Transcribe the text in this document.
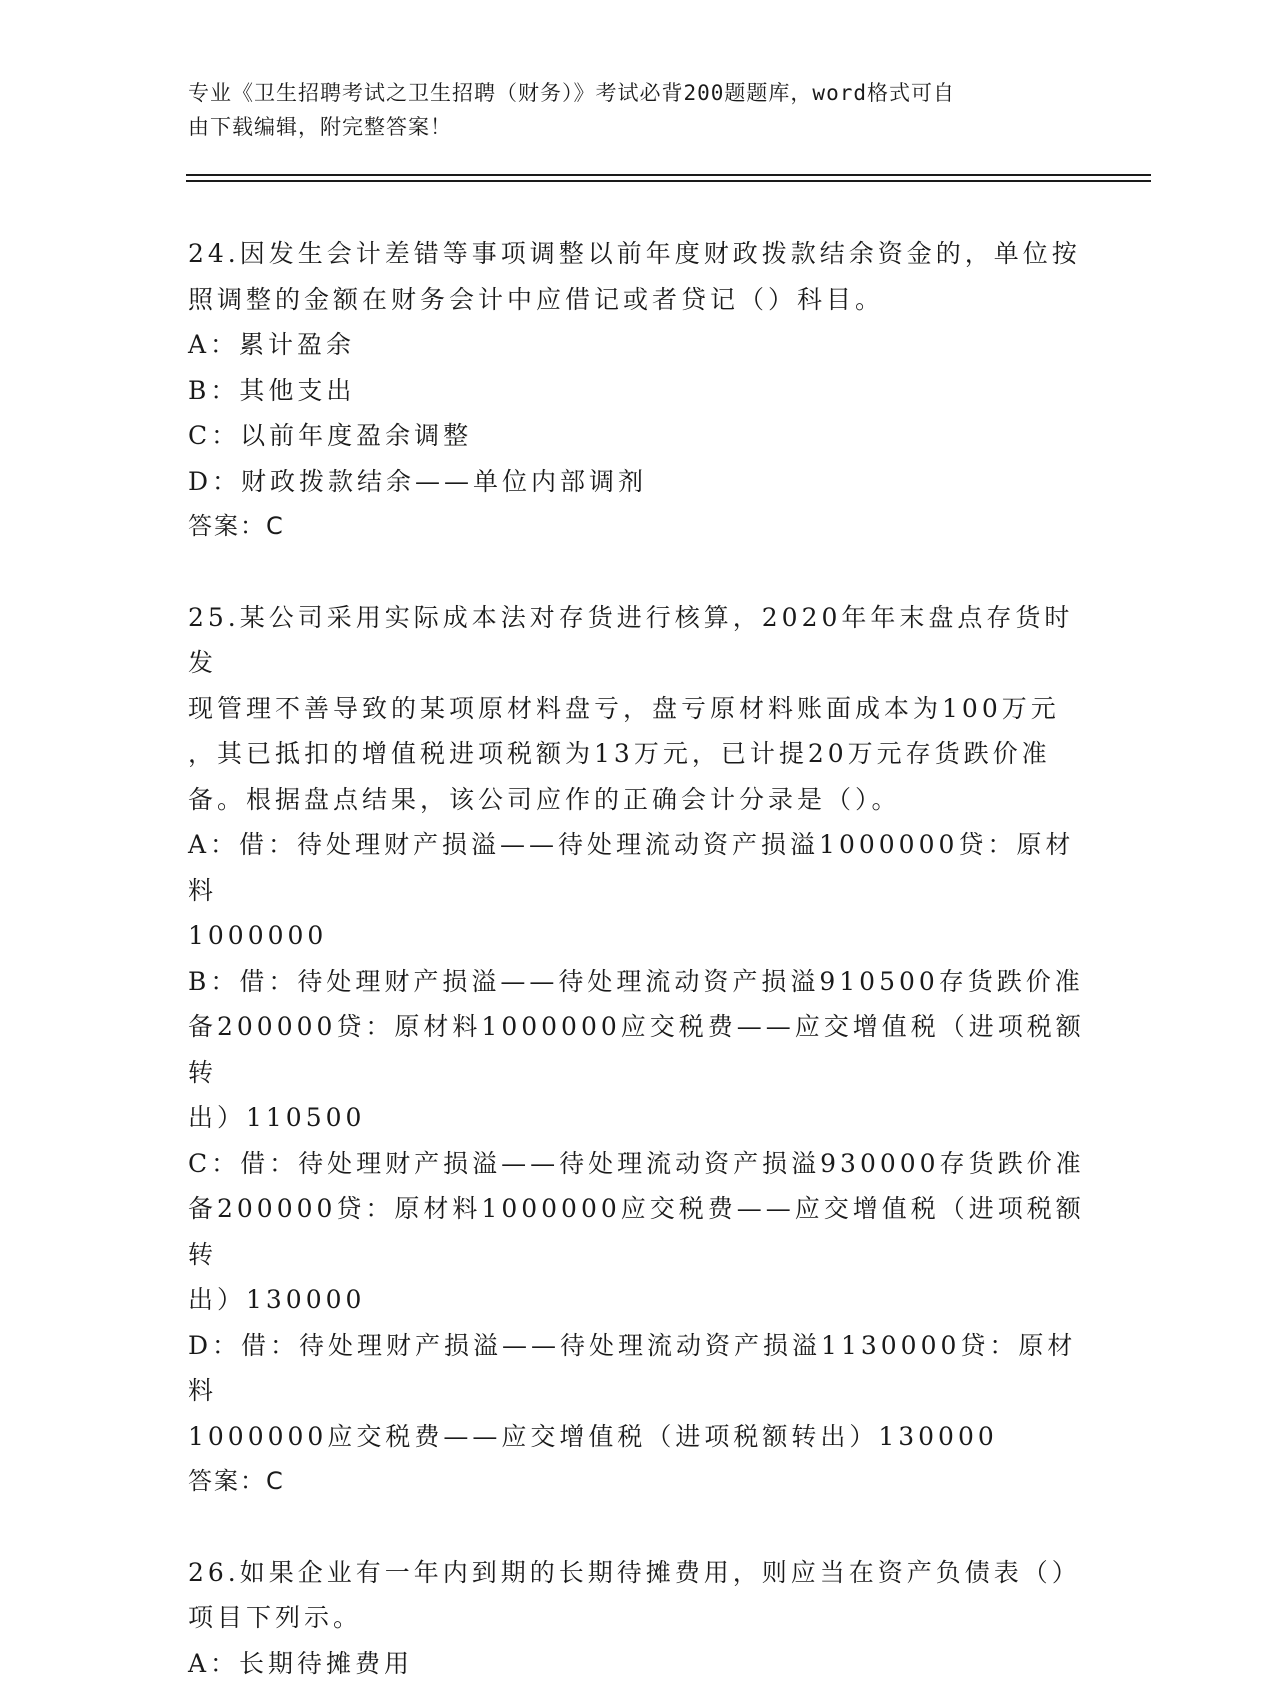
专业《卫生招聘考试之卫生招聘（财务）》考试必背200题题库，word格式可自
由下载编辑，附完整答案！
24.因发生会计差错等事项调整以前年度财政拨款结余资金的，单位按
照调整的金额在财务会计中应借记或者贷记（）科目。
A：累计盈余
B：其他支出
C：以前年度盈余调整
D：财政拨款结余——单位内部调剂
答案：C
25.某公司采用实际成本法对存货进行核算，2020年年末盘点存货时发
现管理不善导致的某项原材料盘亏，盘亏原材料账面成本为100万元
，其已抵扣的增值税进项税额为13万元，已计提20万元存货跌价准
备。根据盘点结果，该公司应作的正确会计分录是（）。
A：借：待处理财产损溢——待处理流动资产损溢1000000贷：原材料
1000000
B：借：待处理财产损溢——待处理流动资产损溢910500存货跌价准
备200000贷：原材料1000000应交税费——应交增值税（进项税额转
出）110500
C：借：待处理财产损溢——待处理流动资产损溢930000存货跌价准
备200000贷：原材料1000000应交税费——应交增值税（进项税额转
出）130000
D：借：待处理财产损溢——待处理流动资产损溢1130000贷：原材料
1000000应交税费——应交增值税（进项税额转出）130000
答案：C
26.如果企业有一年内到期的长期待摊费用，则应当在资产负债表（）
项目下列示。
A：长期待摊费用
